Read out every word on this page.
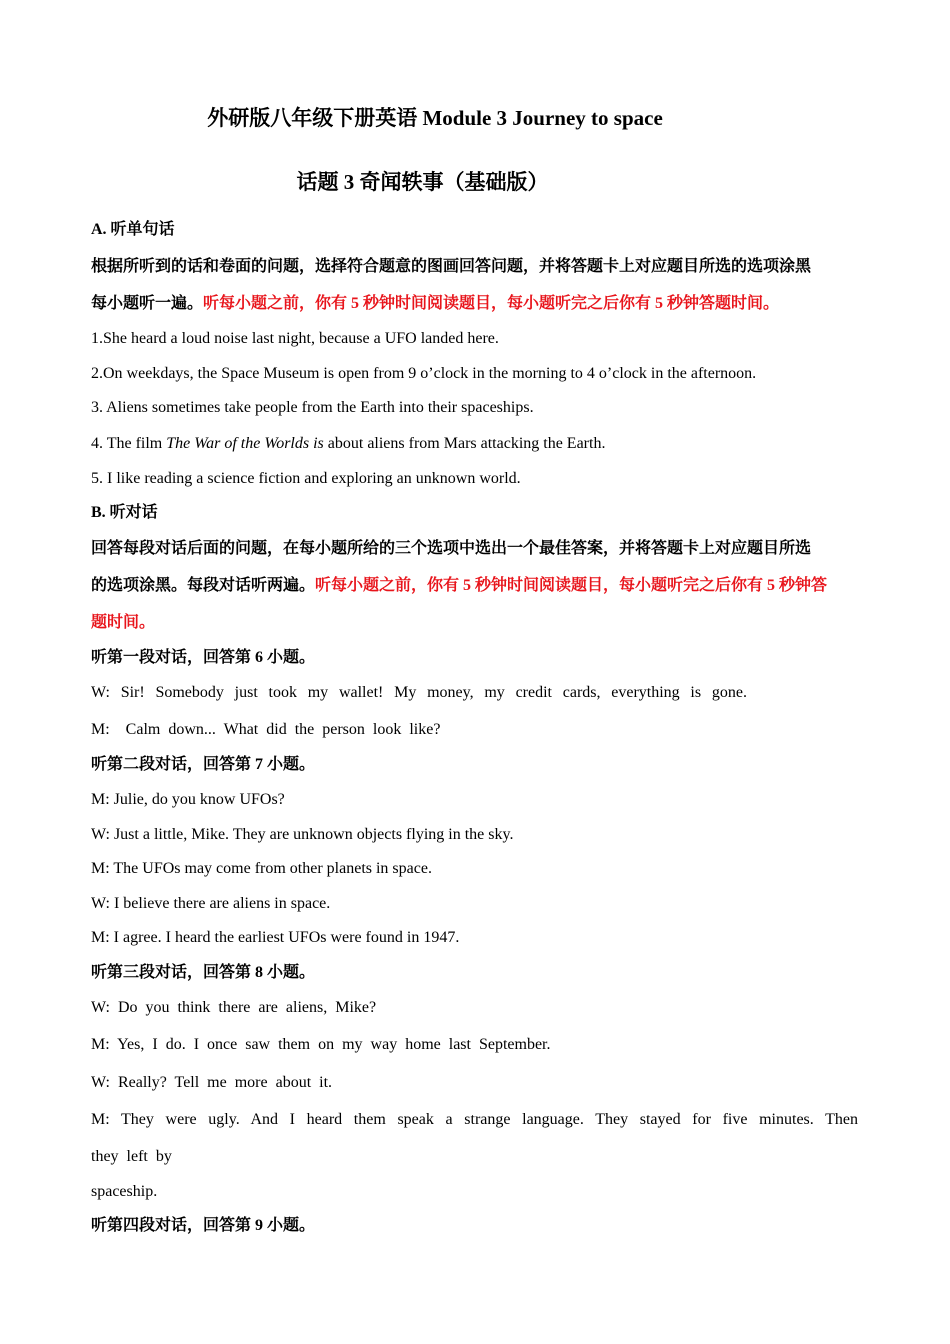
外研版八年级下册英语 Module 3 Journey to space
话题 3 奇闻轶事（基础版）
A. 听单句话
根据所听到的话和卷面的问题，选择符合题意的图画回答问题，并将答题卡上对应题目所选的选项涂黑
每小题听一遍。听每小题之前，你有 5 秒钟时间阅读题目，每小题听完之后你有 5 秒钟答题时间。
1.She heard a loud noise last night, because a UFO landed here.
2.On weekdays, the Space Museum is open from 9 o’clock in the morning to 4 o’clock in the afternoon.
3. Aliens sometimes take people from the Earth into their spaceships.
4. The film The War of the Worlds is about aliens from Mars attacking the Earth.
5. I like reading a science fiction and exploring an unknown world.
B. 听对话
回答每段对话后面的问题，在每小题所给的三个选项中选出一个最佳答案，并将答题卡上对应题目所选
的选项涂黑。每段对话听两遍。听每小题之前，你有 5 秒钟时间阅读题目，每小题听完之后你有 5 秒钟答
题时间。
听第一段对话，回答第 6 小题。
W: Sir! Somebody just took my wallet! My money, my credit cards, everything is gone.
M:    Calm  down...  What  did  the  person  look  like?
听第二段对话，回答第 7 小题。
M: Julie, do you know UFOs?
W: Just a little, Mike. They are unknown objects flying in the sky.
M: The UFOs may come from other planets in space.
W: I believe there are aliens in space.
M: I agree. I heard the earliest UFOs were found in 1947.
听第三段对话，回答第 8 小题。
W:  Do  you  think  there  are  aliens,  Mike?
M:  Yes,  I  do.  I  once  saw  them  on  my  way  home  last  September.
W:  Really?  Tell  me  more  about  it.
M: They were ugly. And I heard them speak a strange language. They stayed for five minutes. Then
they  left  by
spaceship.
听第四段对话，回答第 9 小题。
